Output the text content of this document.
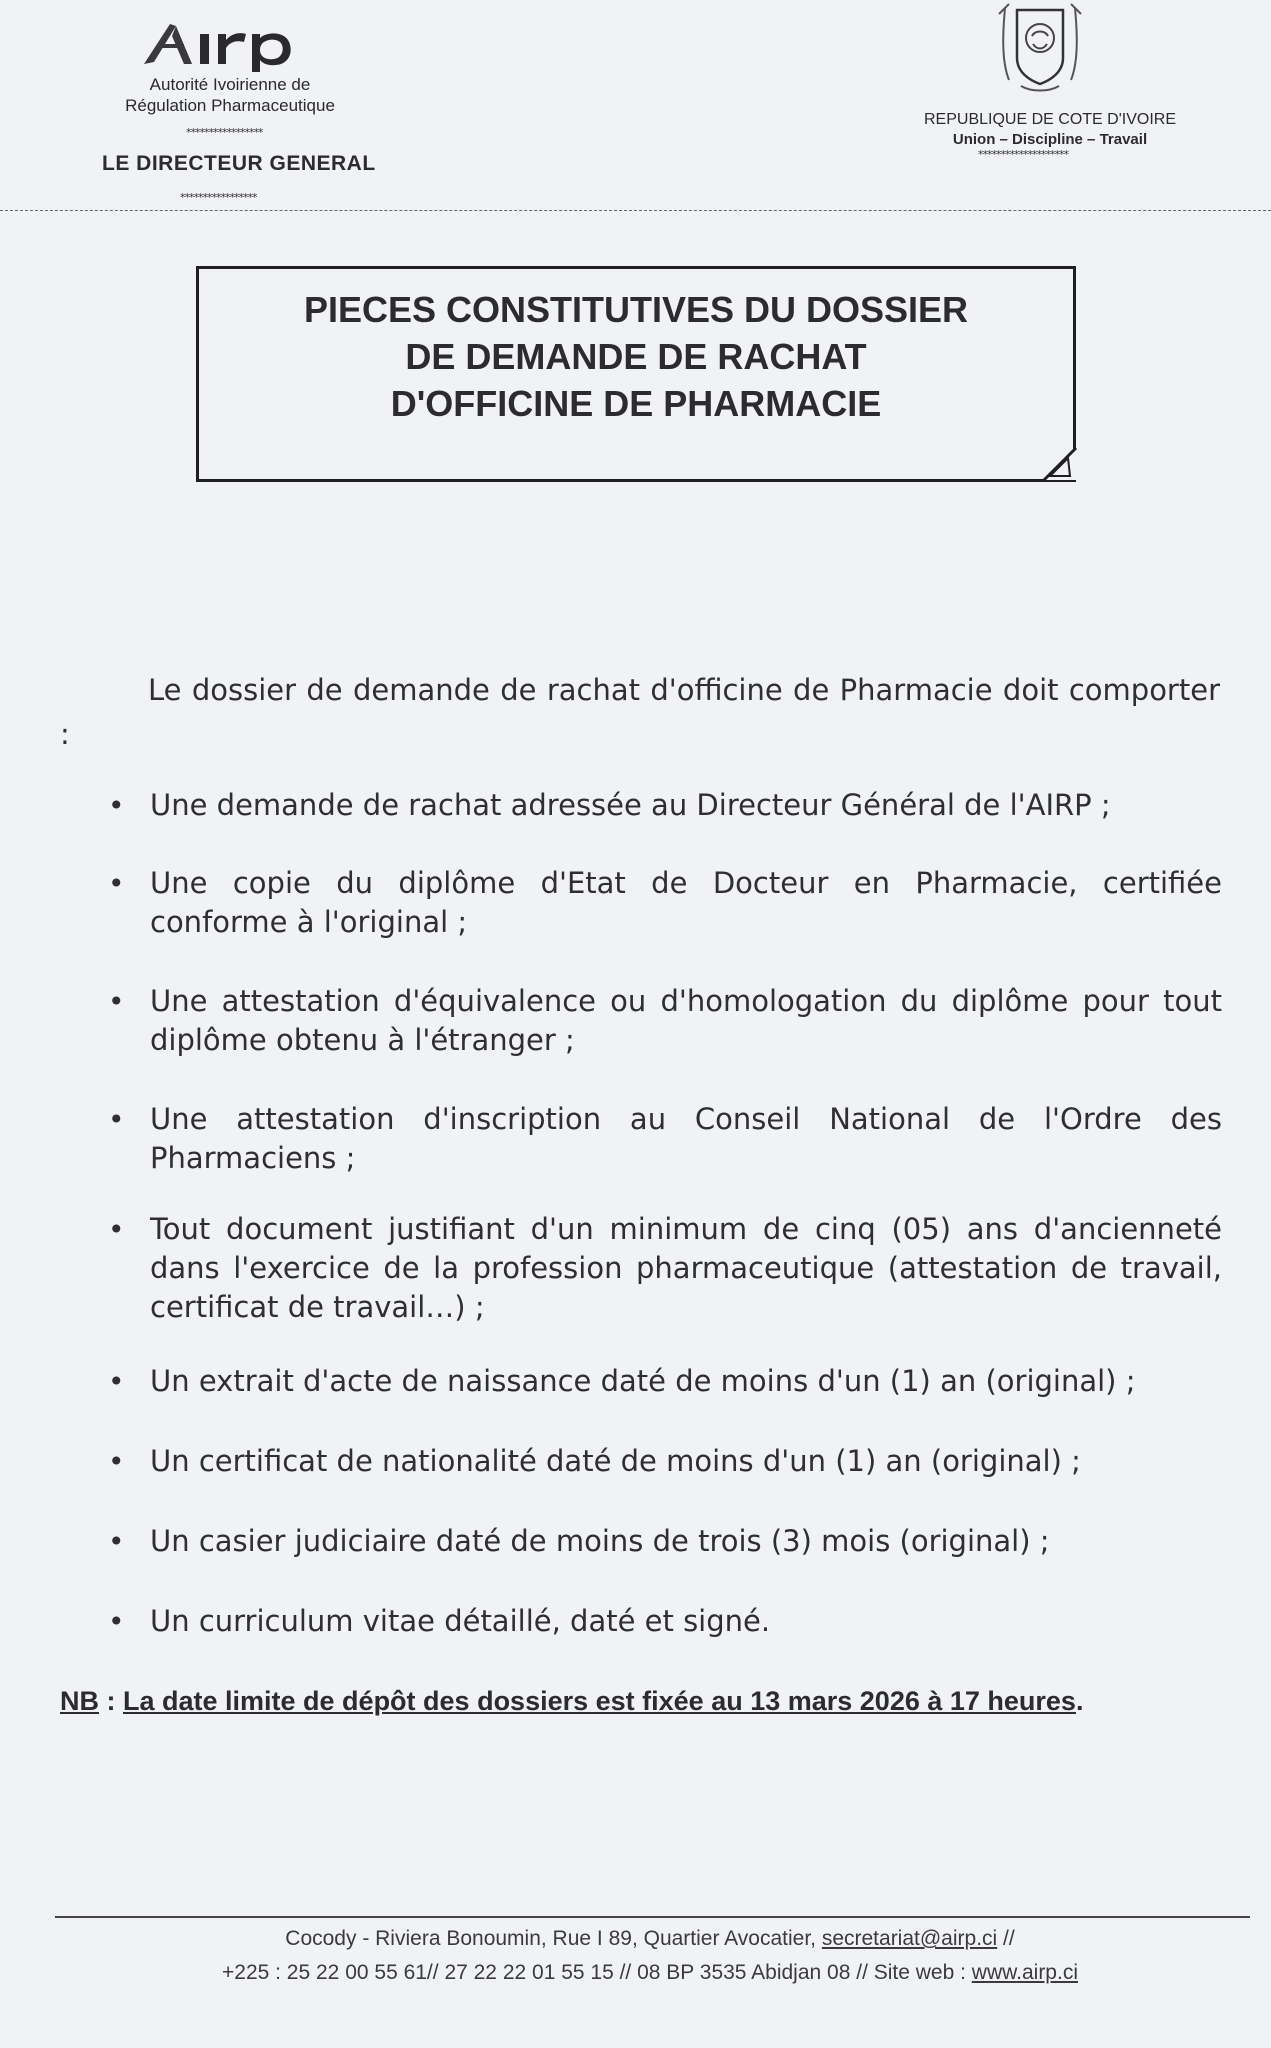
Autorité Ivoirienne de
Régulation Pharmaceutique
*****************
LE DIRECTEUR GENERAL
*****************
REPUBLIQUE DE COTE D'IVOIRE
Union – Discipline – Travail
********************
PIECES CONSTITUTIVES DU DOSSIER
DE DEMANDE DE RACHAT
D'OFFICINE DE PHARMACIE
Le dossier de demande de rachat d'officine de Pharmacie doit comporter :
• Une demande de rachat adressée au Directeur Général de l'AIRP ;
• Une copie du diplôme d'Etat de Docteur en Pharmacie, certifiée conforme à l'original ;
• Une attestation d'équivalence ou d'homologation du diplôme pour tout diplôme obtenu à l'étranger ;
• Une attestation d'inscription au Conseil National de l'Ordre des Pharmaciens ;
• Tout document justifiant d'un minimum de cinq (05) ans d'ancienneté dans l'exercice de la profession pharmaceutique (attestation de travail, certificat de travail…) ;
• Un extrait d'acte de naissance daté de moins d'un (1) an (original) ;
• Un certificat de nationalité daté de moins d'un (1) an (original) ;
• Un casier judiciaire daté de moins de trois (3) mois (original) ;
• Un curriculum vitae détaillé, daté et signé.
NB : La date limite de dépôt des dossiers est fixée au 13 mars 2026 à 17 heures.
Cocody - Riviera Bonoumin, Rue I 89, Quartier Avocatier, secretariat@airp.ci //
+225 : 25 22 00 55 61// 27 22 22 01 55 15 // 08 BP 3535 Abidjan 08 // Site web : www.airp.ci
